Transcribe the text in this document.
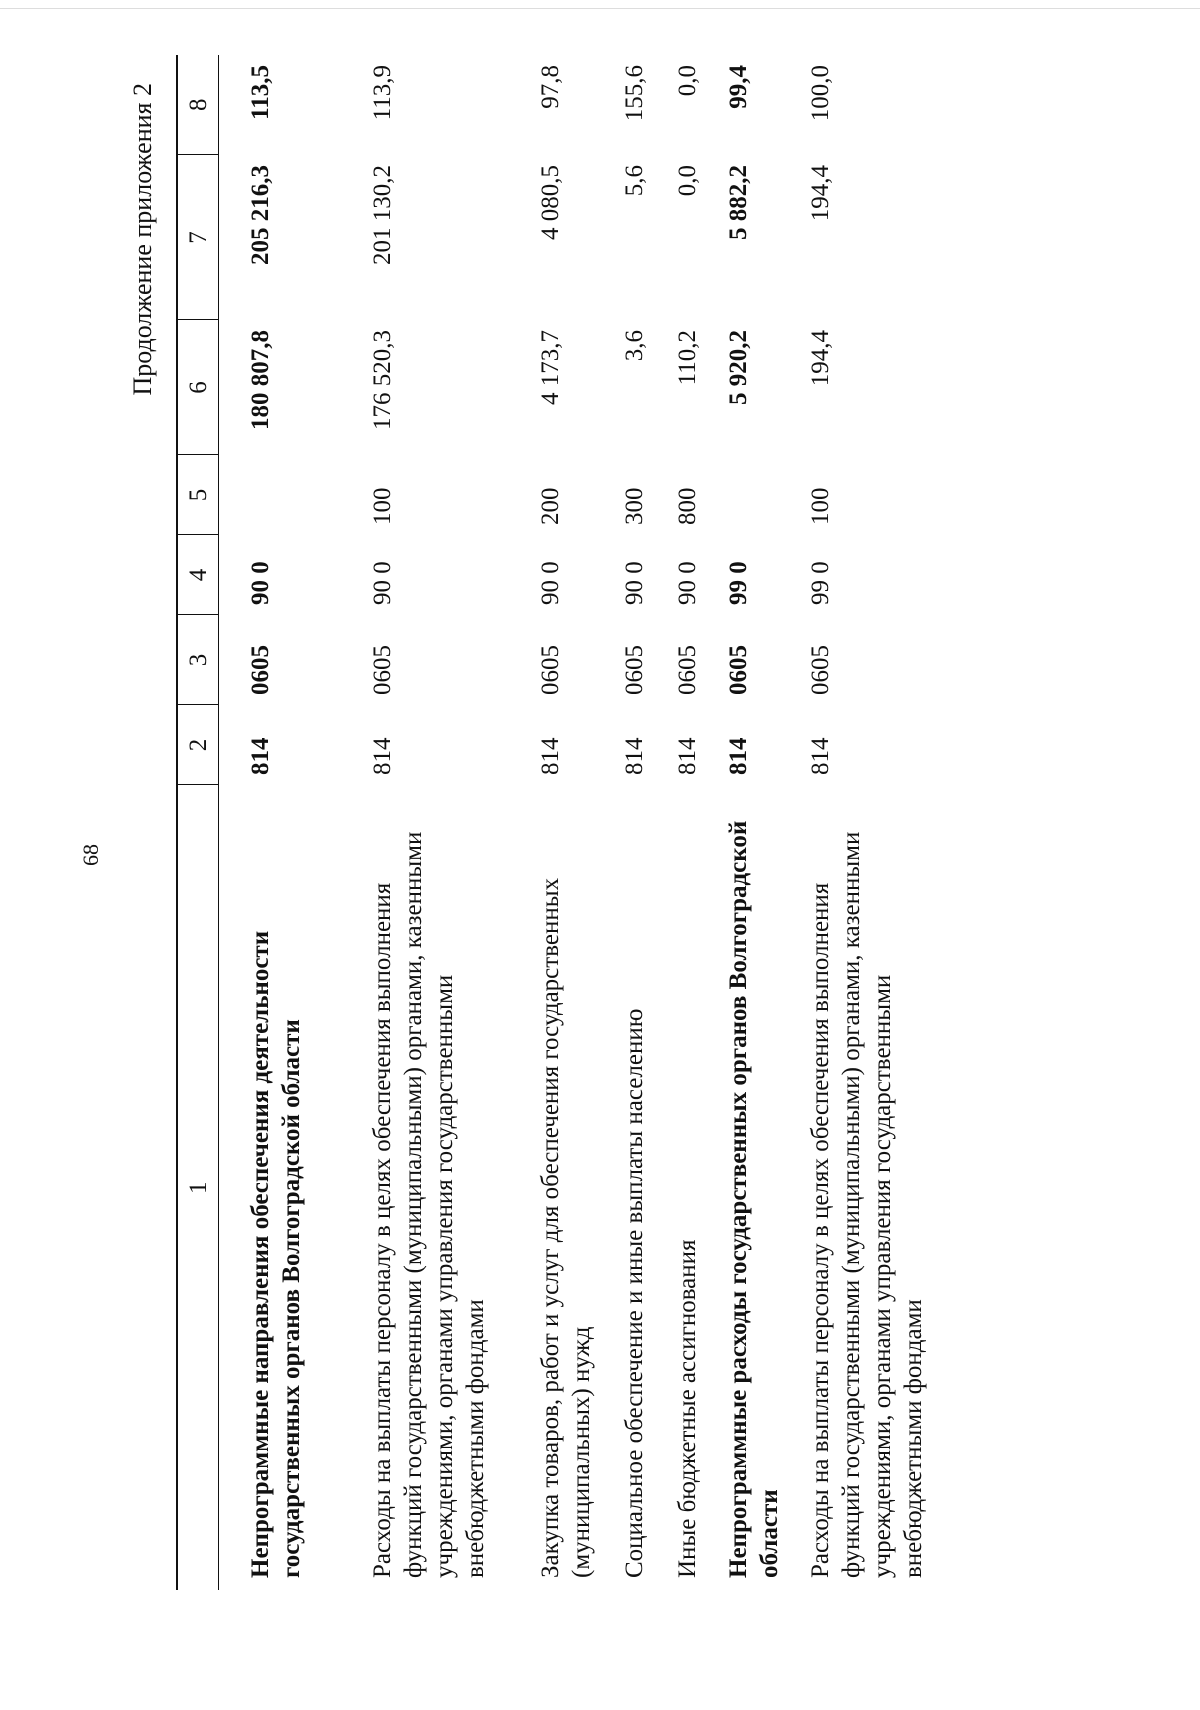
68
Продолжение приложения 2
1	2	3	4	5	6	7	8
Непрограммные направления обеспечения деятельности государственных органов Волгоградской области	814	0605	90 0		180 807,8	205 216,3	113,5
Расходы на выплаты персоналу в целях обеспечения выполнения функций государственными (муниципальными) органами, казенными учреждениями, органами управления государственными внебюджетными фондами	814	0605	90 0	100	176 520,3	201 130,2	113,9
Закупка товаров, работ и услуг для обеспечения государственных (муниципальных) нужд	814	0605	90 0	200	4 173,7	4 080,5	97,8
Социальное обеспечение и иные выплаты населению	814	0605	90 0	300	3,6	5,6	155,6
Иные бюджетные ассигнования	814	0605	90 0	800	110,2	0,0	0,0
Непрограммные расходы государственных органов Волгоградской области	814	0605	99 0		5 920,2	5 882,2	99,4
Расходы на выплаты персоналу в целях обеспечения выполнения функций государственными (муниципальными) органами, казенными учреждениями, органами управления государственными внебюджетными фондами	814	0605	99 0	100	194,4	194,4	100,0
